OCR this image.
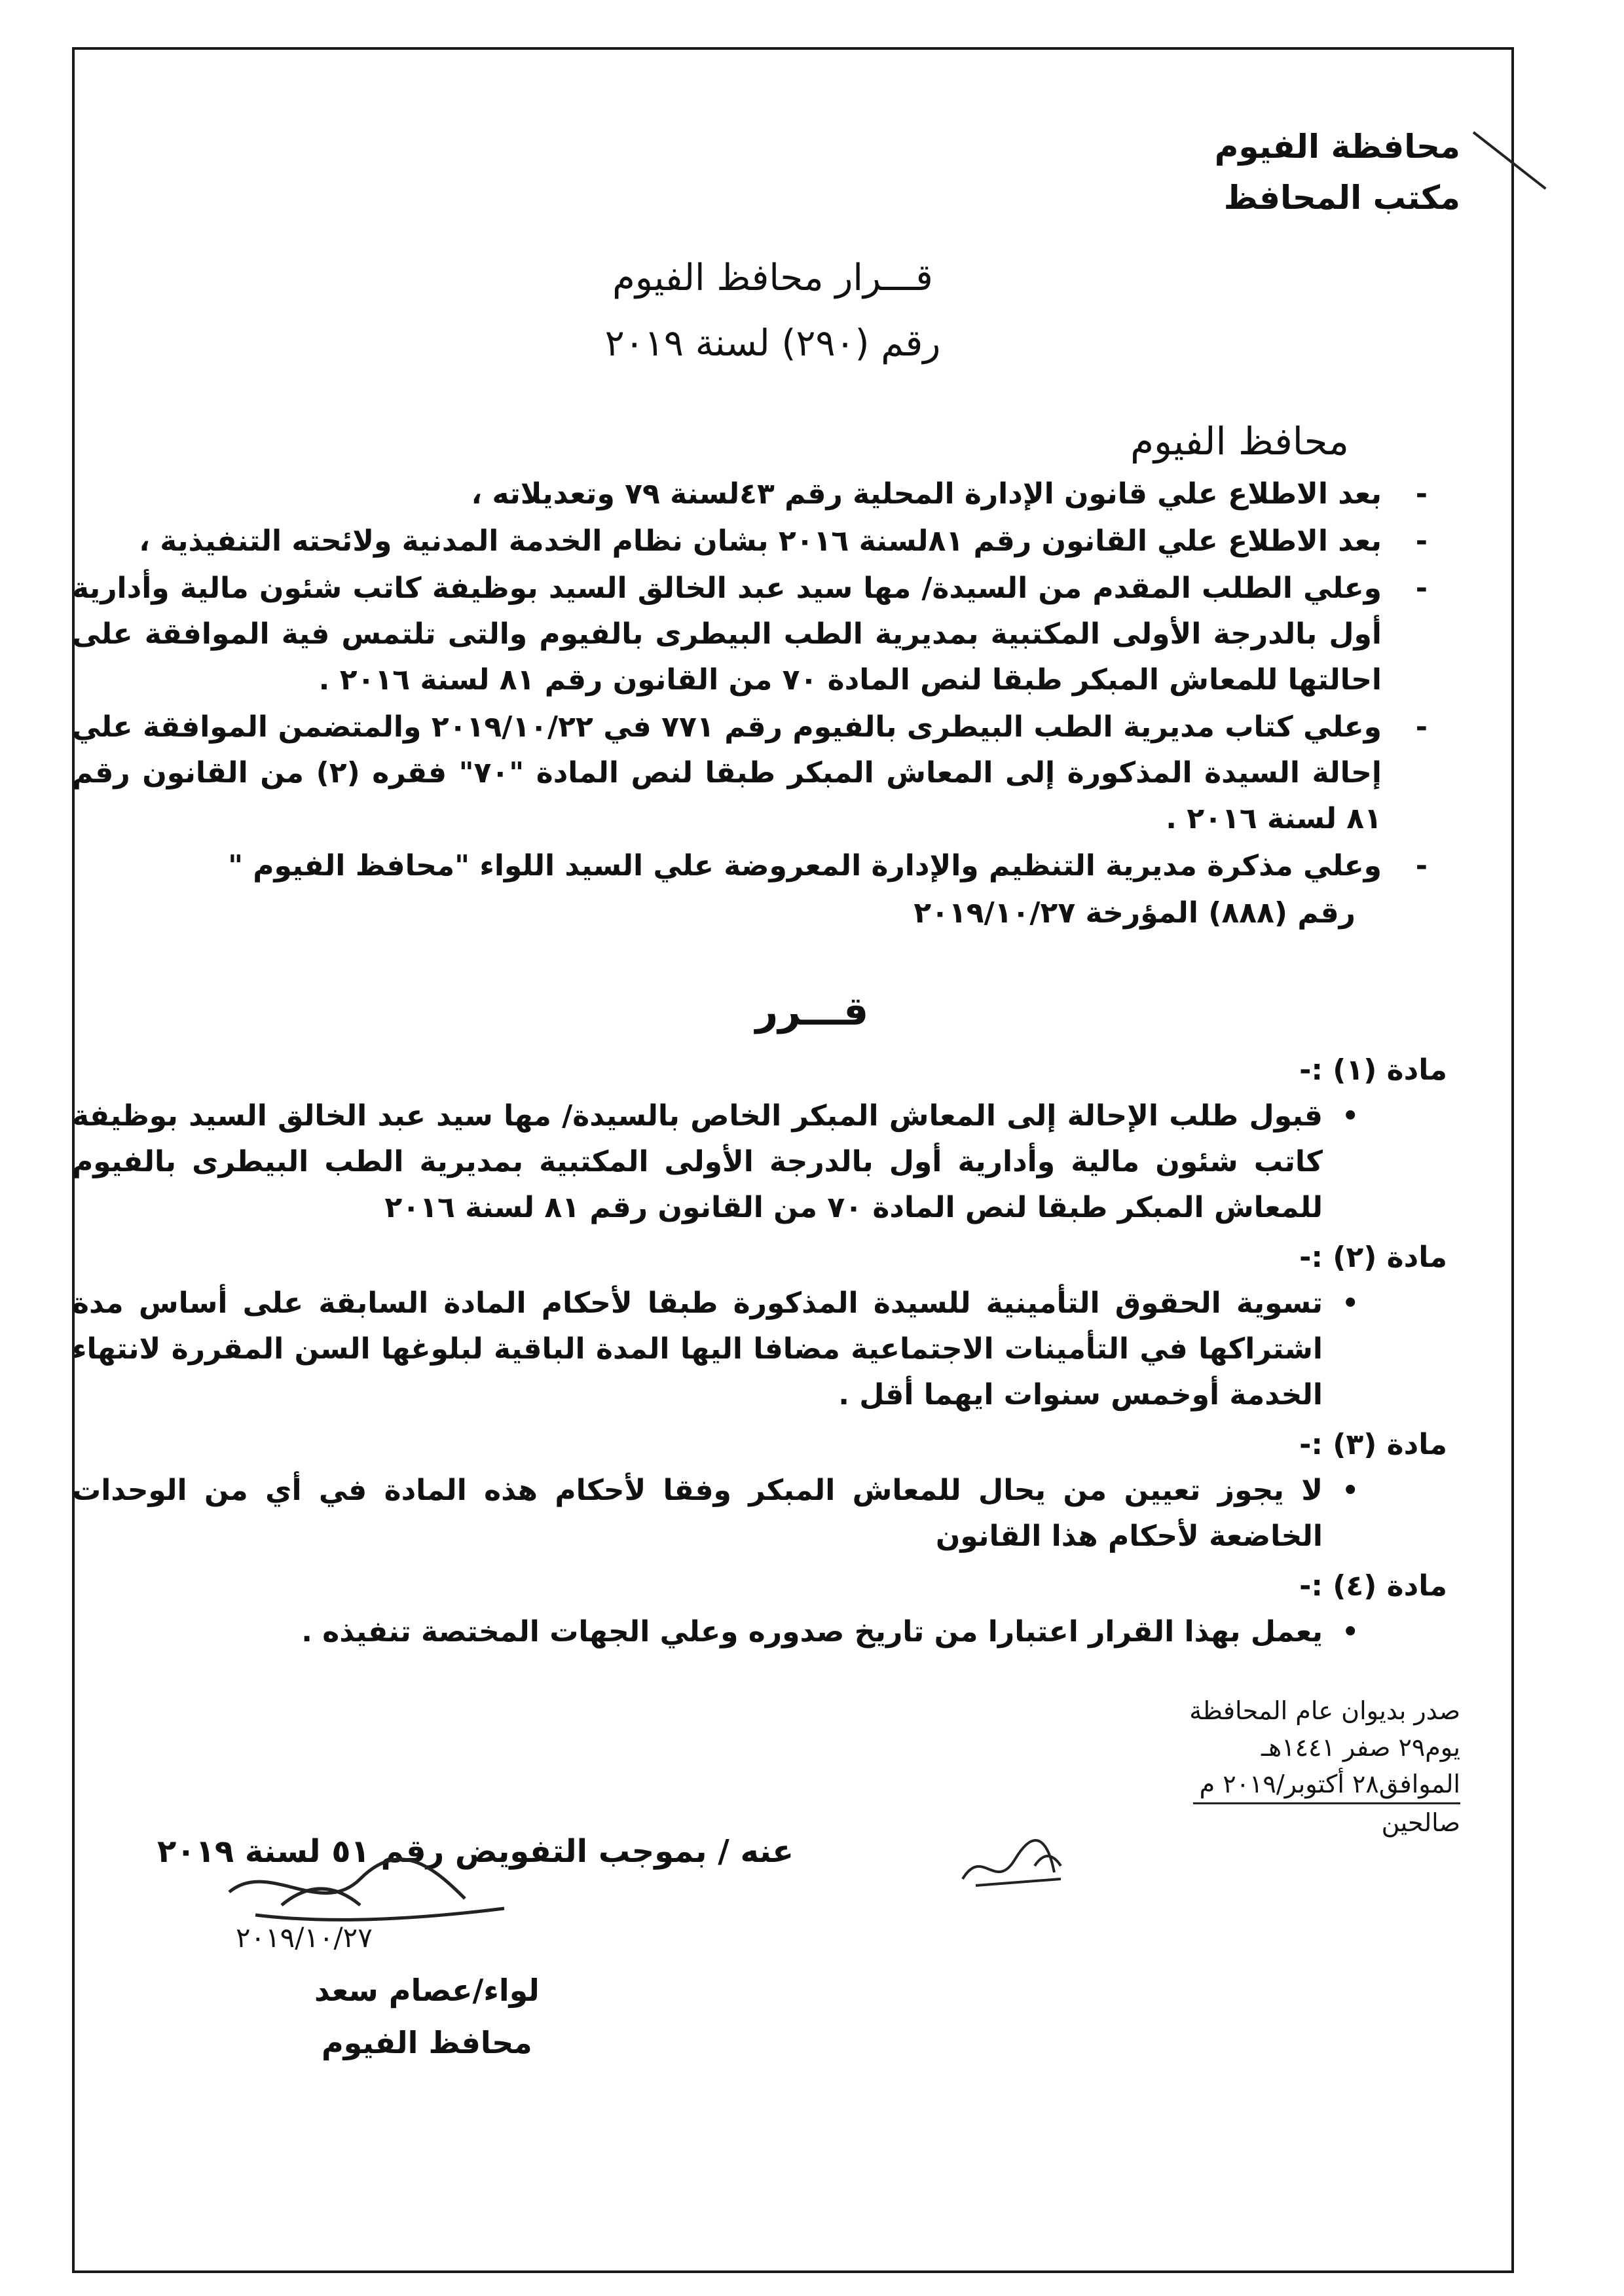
محافظة الفيوم
مكتب المحافظ
قـــرار محافظ الفيوم
رقم (٢٩٠) لسنة ٢٠١٩
محافظ الفيوم
- بعد الاطلاع علي قانون الإدارة المحلية رقم ٤٣لسنة ٧٩ وتعديلاته ،
- بعد الاطلاع علي القانون رقم ٨١لسنة ٢٠١٦ بشان نظام الخدمة المدنية ولائحته التنفيذية ،
- وعلي الطلب المقدم من السيدة/ مها سيد عبد الخالق السيد بوظيفة كاتب شئون مالية وأدارية أول بالدرجة الأولى المكتبية بمديرية الطب البيطرى بالفيوم والتى تلتمس فية الموافقة على احالتها للمعاش المبكر طبقا لنص المادة ٧٠ من القانون رقم ٨١ لسنة ٢٠١٦ .
- وعلي كتاب مديرية الطب البيطرى بالفيوم رقم ٧٧١ في ٢٠١٩/١٠/٢٢ والمتضمن الموافقة علي إحالة السيدة المذكورة إلى المعاش المبكر طبقا لنص المادة "٧٠" فقره (٢) من القانون رقم ٨١ لسنة ٢٠١٦ .
- وعلي مذكرة مديرية التنظيم والإدارة المعروضة علي السيد اللواء "محافظ الفيوم "
رقم (٨٨٨) المؤرخة ٢٠١٩/١٠/٢٧
قـــرر
مادة (١) :-
• قبول طلب الإحالة إلى المعاش المبكر الخاص بالسيدة/ مها سيد عبد الخالق السيد بوظيفة كاتب شئون مالية وأدارية أول بالدرجة الأولى المكتبية بمديرية الطب البيطرى بالفيوم للمعاش المبكر طبقا لنص المادة ٧٠ من القانون رقم ٨١ لسنة ٢٠١٦
مادة (٢) :-
• تسوية الحقوق التأمينية للسيدة المذكورة طبقا لأحكام المادة السابقة على أساس مدة اشتراكها في التأمينات الاجتماعية مضافا اليها المدة الباقية لبلوغها السن المقررة لانتهاء الخدمة أوخمس سنوات ايهما أقل .
مادة (٣) :-
• لا يجوز تعيين من يحال للمعاش المبكر وفقا لأحكام هذه المادة في أي من الوحدات الخاضعة لأحكام هذا القانون
مادة (٤) :-
• يعمل بهذا القرار اعتبارا من تاريخ صدوره وعلي الجهات المختصة تنفيذه .
صدر بديوان عام المحافظة
يوم٢٩ صفر ١٤٤١هـ
الموافق٢٨ أكتوبر/٢٠١٩ م
صالحين
عنه / بموجب التفويض رقم ٥١ لسنة ٢٠١٩
٢٠١٩/١٠/٢٧
لواء/عصام سعد
محافظ الفيوم
